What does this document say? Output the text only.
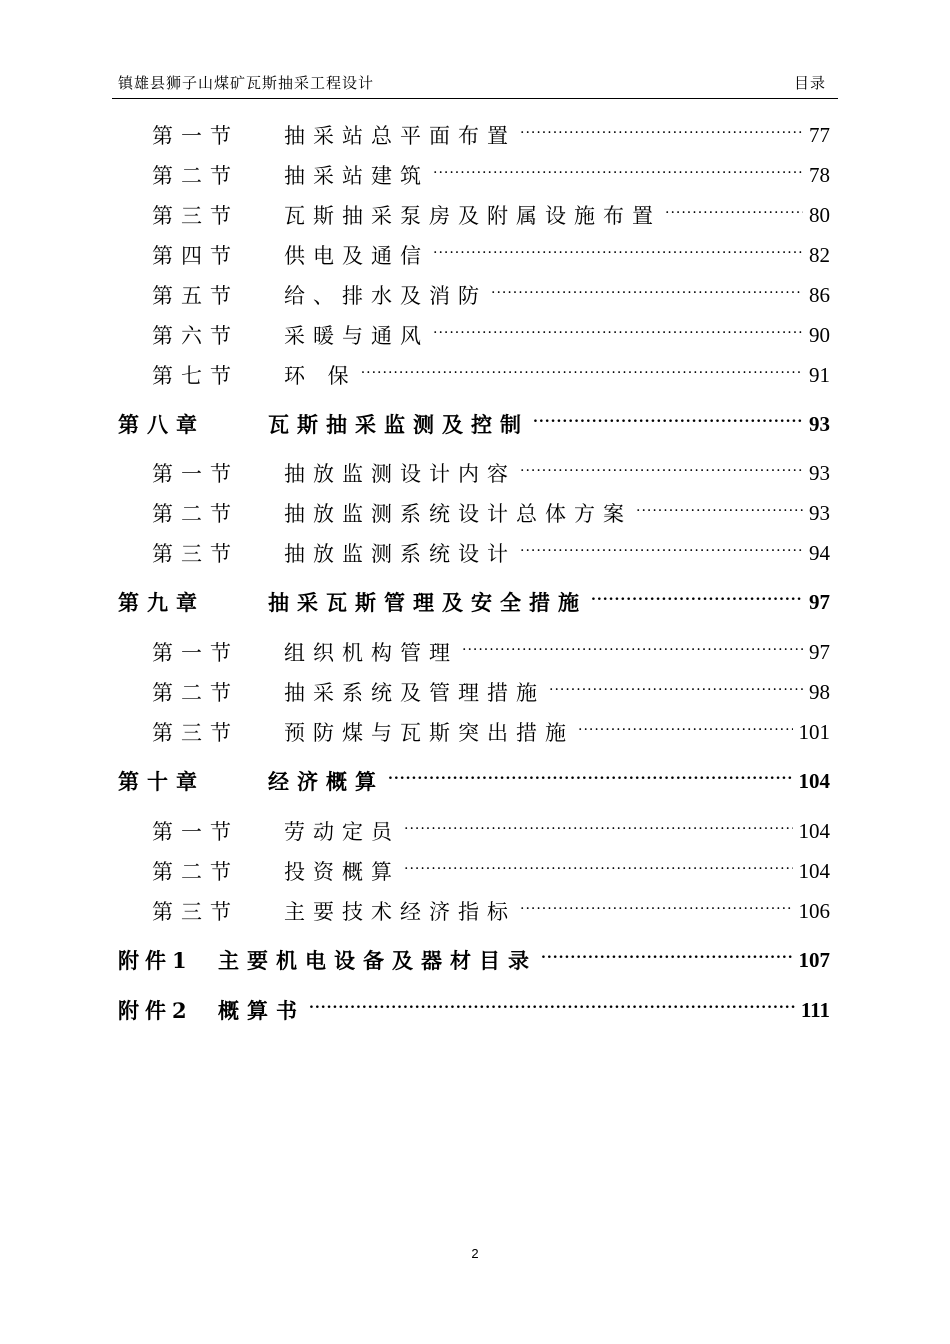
镇雄县狮子山煤矿瓦斯抽采工程设计	目录
第一节	抽采站总平面布置 .....	77
第二节	抽采站建筑 .....	78
第三节	瓦斯抽采泵房及附属设施布置 .....	80
第四节	供电及通信 .....	82
第五节	给、排水及消防 .....	86
第六节	采暖与通风 .....	90
第七节	环 保 .....	91
第八章	瓦斯抽采监测及控制 .....	93
第一节	抽放监测设计内容 .....	93
第二节	抽放监测系统设计总体方案 .....	93
第三节	抽放监测系统设计 .....	94
第九章	抽采瓦斯管理及安全措施 .....	97
第一节	组织机构管理 .....	97
第二节	抽采系统及管理措施 .....	98
第三节	预防煤与瓦斯突出措施 .....	101
第十章	经济概算 .....	104
第一节	劳动定员 .....	104
第二节	投资概算 .....	104
第三节	主要技术经济指标 .....	106
附件1	主要机电设备及器材目录 .....	107
附件2	概算书 .....	111
2
